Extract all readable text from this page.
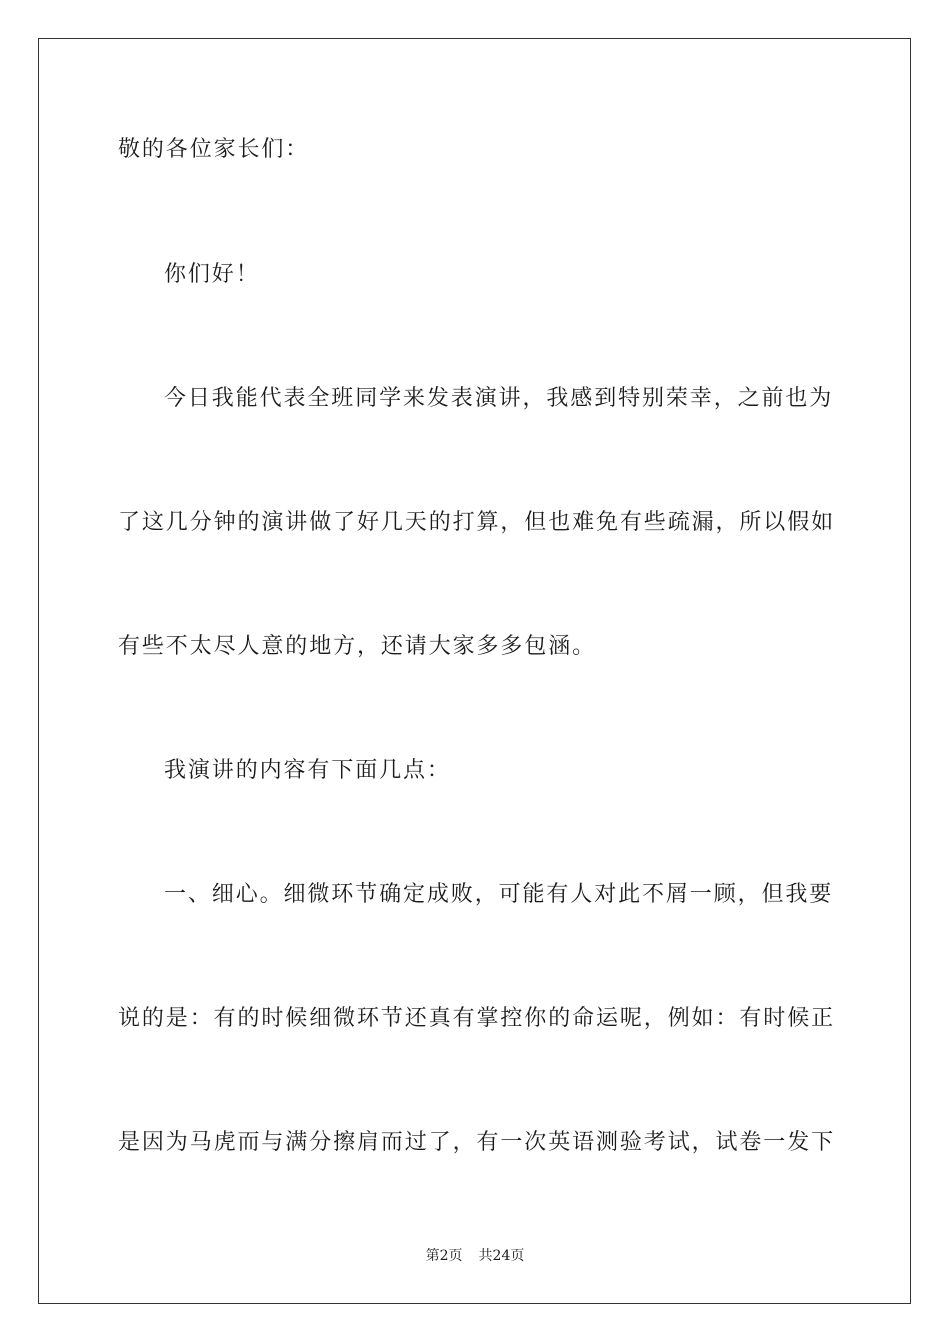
敬的各位家长们：
你们好！
今日我能代表全班同学来发表演讲，我感到特别荣幸，之前也为
了这几分钟的演讲做了好几天的打算，但也难免有些疏漏，所以假如
有些不太尽人意的地方，还请大家多多包涵。
我演讲的内容有下面几点：
一、细心。细微环节确定成败，可能有人对此不屑一顾，但我要
说的是：有的时候细微环节还真有掌控你的命运呢，例如：有时候正
是因为马虎而与满分擦肩而过了，有一次英语测验考试，试卷一发下
第2页 共24页
